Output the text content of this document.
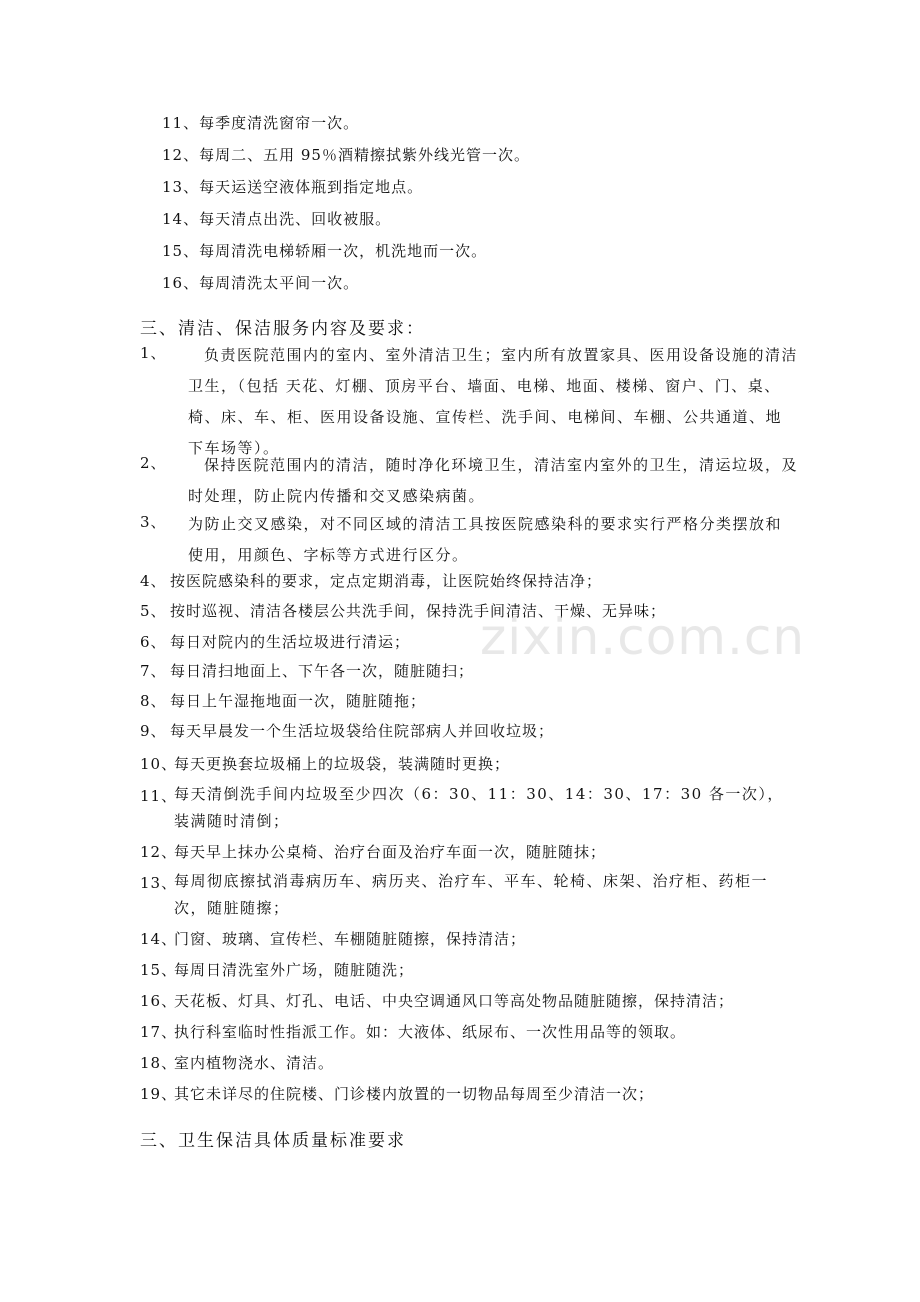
11、每季度清洗窗帘一次。
12、每周二、五用 95％酒精擦拭紫外线光管一次。
13、每天运送空液体瓶到指定地点。
14、每天清点出洗、回收被服。
15、每周清洗电梯轿厢一次，机洗地而一次。
16、每周清洗太平间一次。
三、清洁、保洁服务内容及要求：
1、	负责医院范围内的室内、室外清洁卫生；室内所有放置家具、医用设备设施的清洁卫生，（包括 天花、灯棚、顶房平台、墙面、电梯、地面、楼梯、窗户、门、桌、椅、床、车、柜、医用设备设施、宣传栏、洗手间、电梯间、车棚、公共通道、地下车场等）。
2、	保持医院范围内的清洁，随时净化环境卫生，清洁室内室外的卫生，清运垃圾，及时处理，防止院内传播和交叉感染病菌。
3、 为防止交叉感染，对不同区域的清洁工具按医院感染科的要求实行严格分类摆放和使用，用颜色、字标等方式进行区分。
4、 按医院感染科的要求，定点定期消毒，让医院始终保持洁净；
5、 按时巡视、清洁各楼层公共洗手间，保持洗手间清洁、干燥、无异味；
6、 每日对院内的生活垃圾进行清运；
7、 每日清扫地面上、下午各一次，随脏随扫；
8、 每日上午湿拖地面一次，随脏随拖；
9、 每天早晨发一个生活垃圾袋给住院部病人并回收垃圾；
10、
每天更换套垃圾桶上的垃圾袋，装满随时更换；
11、
每天清倒洗手间内垃圾至少四次（6：30、11：30、14：30、17：30 各一次），装满随时清倒；
12、
每天早上抹办公桌椅、治疗台面及治疗车面一次，随脏随抹；
13、
每周彻底擦拭消毒病历车、病历夹、治疗车、平车、轮椅、床架、治疗柜、药柜一次，随脏随擦；
14、
门窗、玻璃、宣传栏、车棚随脏随擦，保持清洁；
15、
每周日清洗室外广场，随脏随洗；
16、
天花板、灯具、灯孔、电话、中央空调通风口等高处物品随脏随擦，保持清洁；
17、
执行科室临时性指派工作。如：大液体、纸尿布、一次性用品等的领取。
18、
室内植物浇水、清洁。
19、
其它未详尽的住院楼、门诊楼内放置的一切物品每周至少清洁一次；
三、卫生保洁具体质量标准要求
zixin.com.cn
